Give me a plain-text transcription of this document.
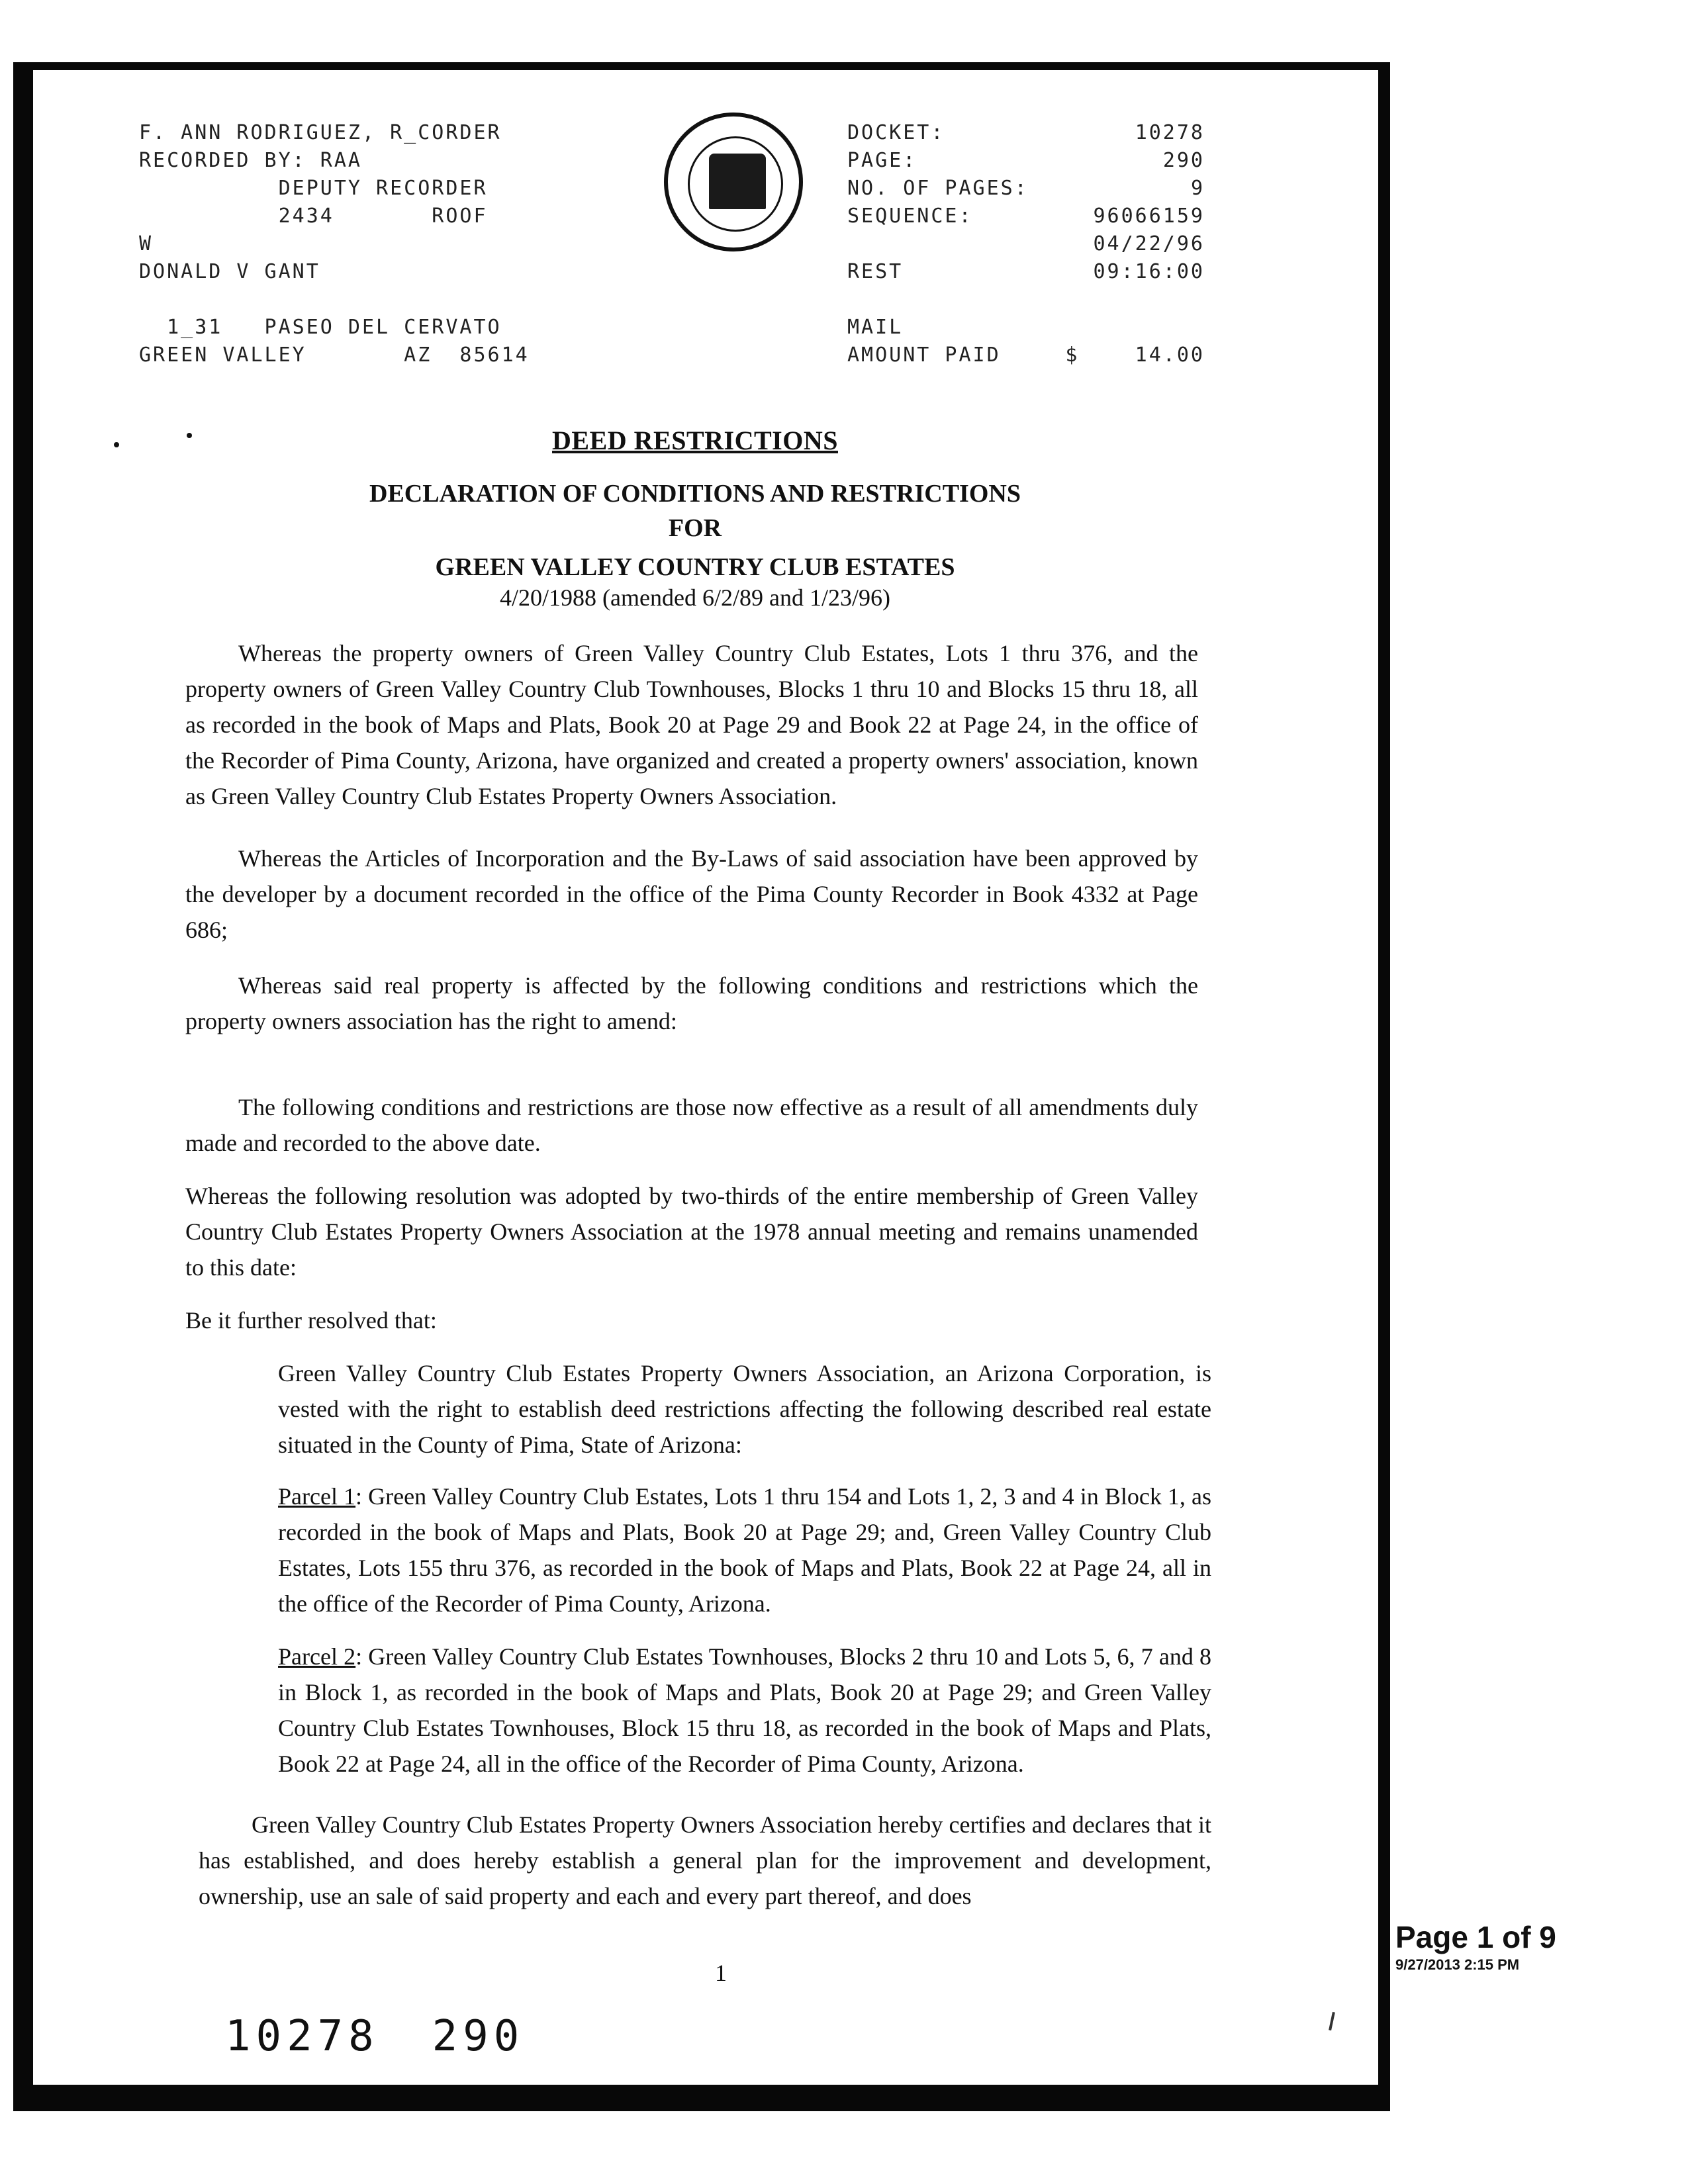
F. ANN RODRIGUEZ, R_CORDER
RECORDED BY: RAA
DEPUTY RECORDER
2434       ROOF
W
DONALD V GANT
1_31   PASEO DEL CERVATO
GREEN VALLEY       AZ  85614
DOCKET:	10278
PAGE:	290
NO. OF PAGES:	9
SEQUENCE:	96066159
04/22/96
REST	09:16:00
MAIL
AMOUNT PAID	$    14.00
DEED RESTRICTIONS
DECLARATION OF CONDITIONS AND RESTRICTIONS
FOR
GREEN VALLEY COUNTRY CLUB ESTATES
4/20/1988 (amended 6/2/89 and 1/23/96)
Whereas the property owners of Green Valley Country Club Estates, Lots 1 thru 376, and the property owners of Green Valley Country Club Townhouses, Blocks 1 thru 10 and Blocks 15 thru 18, all as recorded in the book of Maps and Plats, Book 20 at Page 29 and Book 22 at Page 24, in the office of the Recorder of Pima County, Arizona, have organized and created a property owners' association, known as Green Valley Country Club Estates Property Owners Association.
Whereas the Articles of Incorporation and the By-Laws of said association have been approved by the developer by a document recorded in the office of the Pima County Recorder in Book 4332 at Page 686;
Whereas said real property is affected by the following conditions and restrictions which the property owners association has the right to amend:
The following conditions and restrictions are those now effective as a result of all amendments duly made and recorded to the above date.
Whereas the following resolution was adopted by two-thirds of the entire membership of Green Valley Country Club Estates Property Owners Association at the 1978 annual meeting and remains unamended to this date:
Be it further resolved that:
Green Valley Country Club Estates Property Owners Association, an Arizona Corporation, is vested with the right to establish deed restrictions affecting the following described real estate situated in the County of Pima, State of Arizona:
Parcel 1: Green Valley Country Club Estates, Lots 1 thru 154 and Lots 1, 2, 3 and 4 in Block 1, as recorded in the book of Maps and Plats, Book 20 at Page 29; and, Green Valley Country Club Estates, Lots 155 thru 376, as recorded in the book of Maps and Plats, Book 22 at Page 24, all in the office of the Recorder of Pima County, Arizona.
Parcel 2: Green Valley Country Club Estates Townhouses, Blocks 2 thru 10 and Lots 5, 6, 7 and 8 in Block 1, as recorded in the book of Maps and Plats, Book 20 at Page 29; and Green Valley Country Club Estates Townhouses, Block 15 thru 18, as recorded in the book of Maps and Plats, Book 22 at Page 24, all in the office of the Recorder of Pima County, Arizona.
Green Valley Country Club Estates Property Owners Association hereby certifies and declares that it has established, and does hereby establish a general plan for the improvement and development, ownership, use an sale of said property and each and every part thereof, and does
1
10278 290
Page 1 of 9
9/27/2013 2:15 PM
